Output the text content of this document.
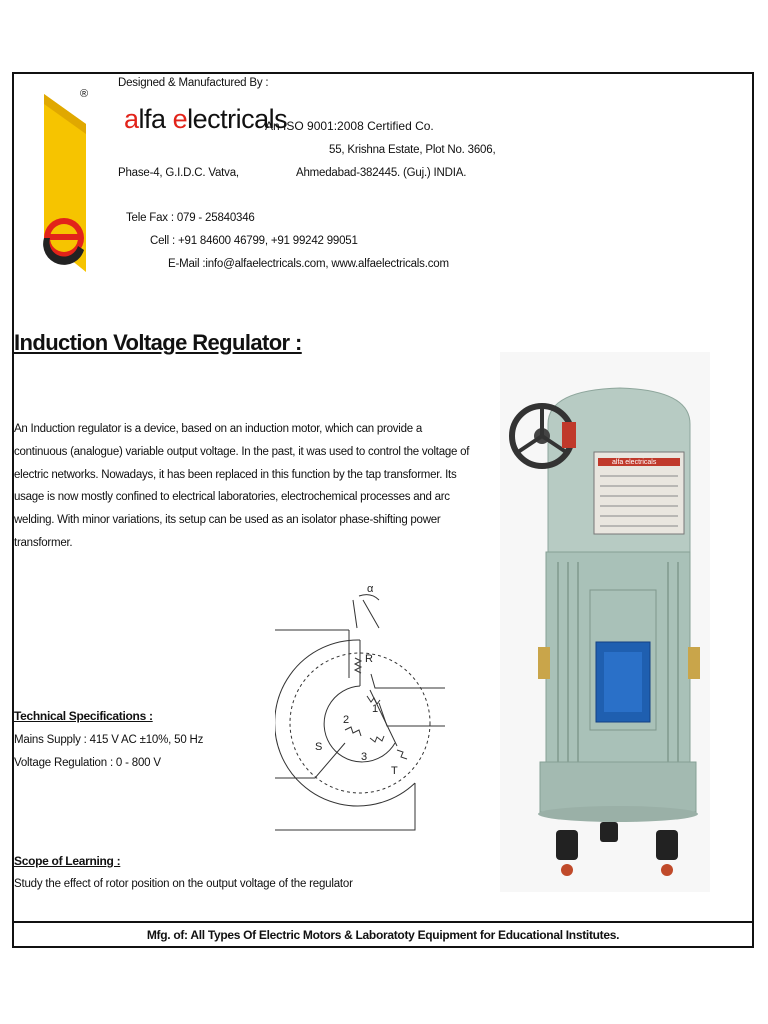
®
Designed & Manufactured By :
alfa electricals
An ISO 9001:2008 Certified Co.
55, Krishna Estate, Plot No. 3606,
Phase-4, G.I.D.C. Vatva,	Ahmedabad-382445. (Guj.) INDIA.
Tele Fax : 079 - 25840346
Cell : +91 84600 46799, +91 99242 99051
E-Mail :info@alfaelectricals.com, www.alfaelectricals.com
Induction Voltage Regulator :
An Induction regulator is a device, based on an induction motor, which can provide a continuous (analogue) variable output voltage. In the past, it was used to control the voltage of electric networks. Nowadays, it has been replaced in this function by the tap transformer. Its usage is now mostly confined to electrical laboratories, electrochemical processes and arc welding. With minor variations, its setup can be used as an isolator phase-shifting power transformer.
α
R
1
2
3
S
T
alfa electricals
Technical Specifications :
Mains Supply : 415 V AC ±10%, 50 Hz
Voltage Regulation : 0 - 800 V
Scope of Learning :
Study the effect of rotor position on the output voltage of the regulator
Mfg. of: All Types Of Electric Motors & Laboratoty Equipment for Educational Institutes.
